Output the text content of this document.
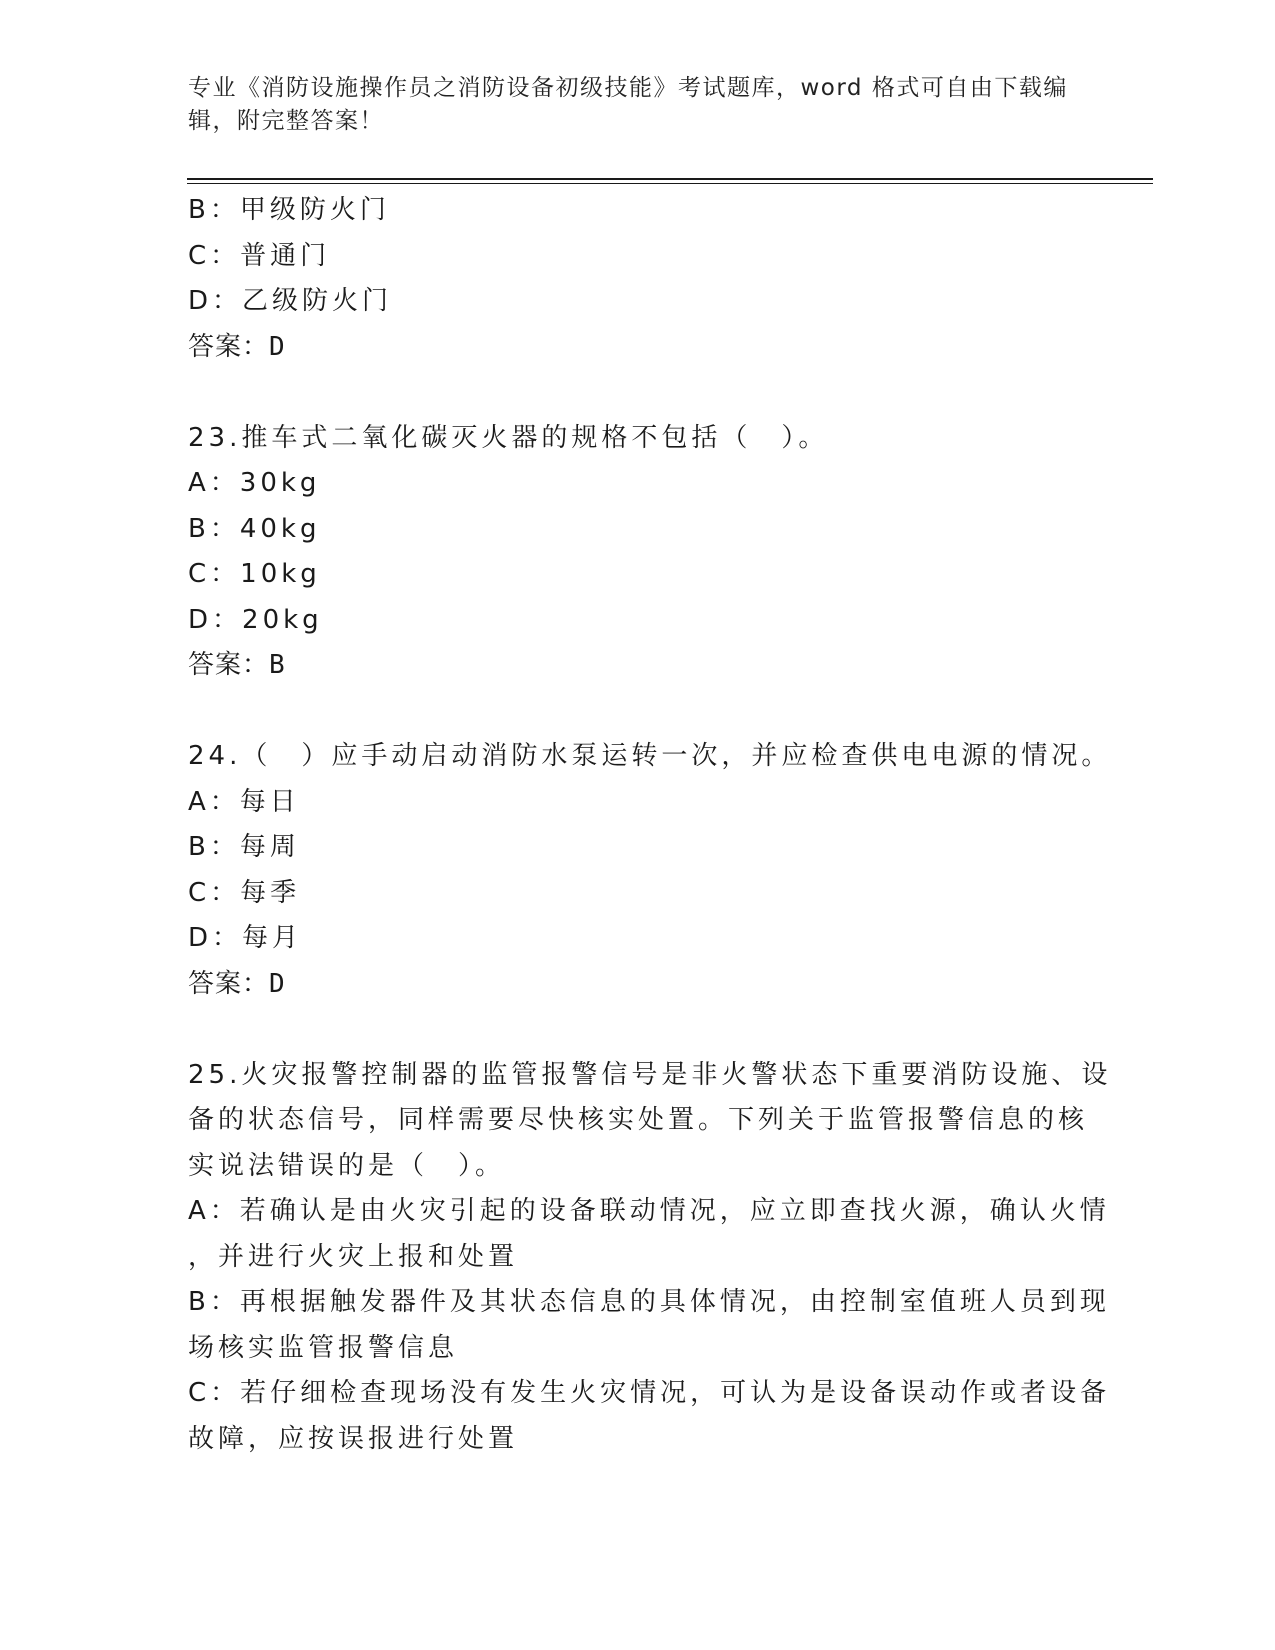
专业《消防设施操作员之消防设备初级技能》考试题库，word 格式可自由下载编
辑，附完整答案！
B：甲级防火门
C：普通门
D：乙级防火门
答案：D
23.推车式二氧化碳灭火器的规格不包括（　）。
A：30kg
B：40kg
C：10kg
D：20kg
答案：B
24.（　）应手动启动消防水泵运转一次，并应检查供电电源的情况。
A：每日
B：每周
C：每季
D：每月
答案：D
25.火灾报警控制器的监管报警信号是非火警状态下重要消防设施、设
备的状态信号，同样需要尽快核实处置。下列关于监管报警信息的核
实说法错误的是（　）。
A：若确认是由火灾引起的设备联动情况，应立即查找火源，确认火情
，并进行火灾上报和处置
B：再根据触发器件及其状态信息的具体情况，由控制室值班人员到现
场核实监管报警信息
C：若仔细检查现场没有发生火灾情况，可认为是设备误动作或者设备
故障，应按误报进行处置
